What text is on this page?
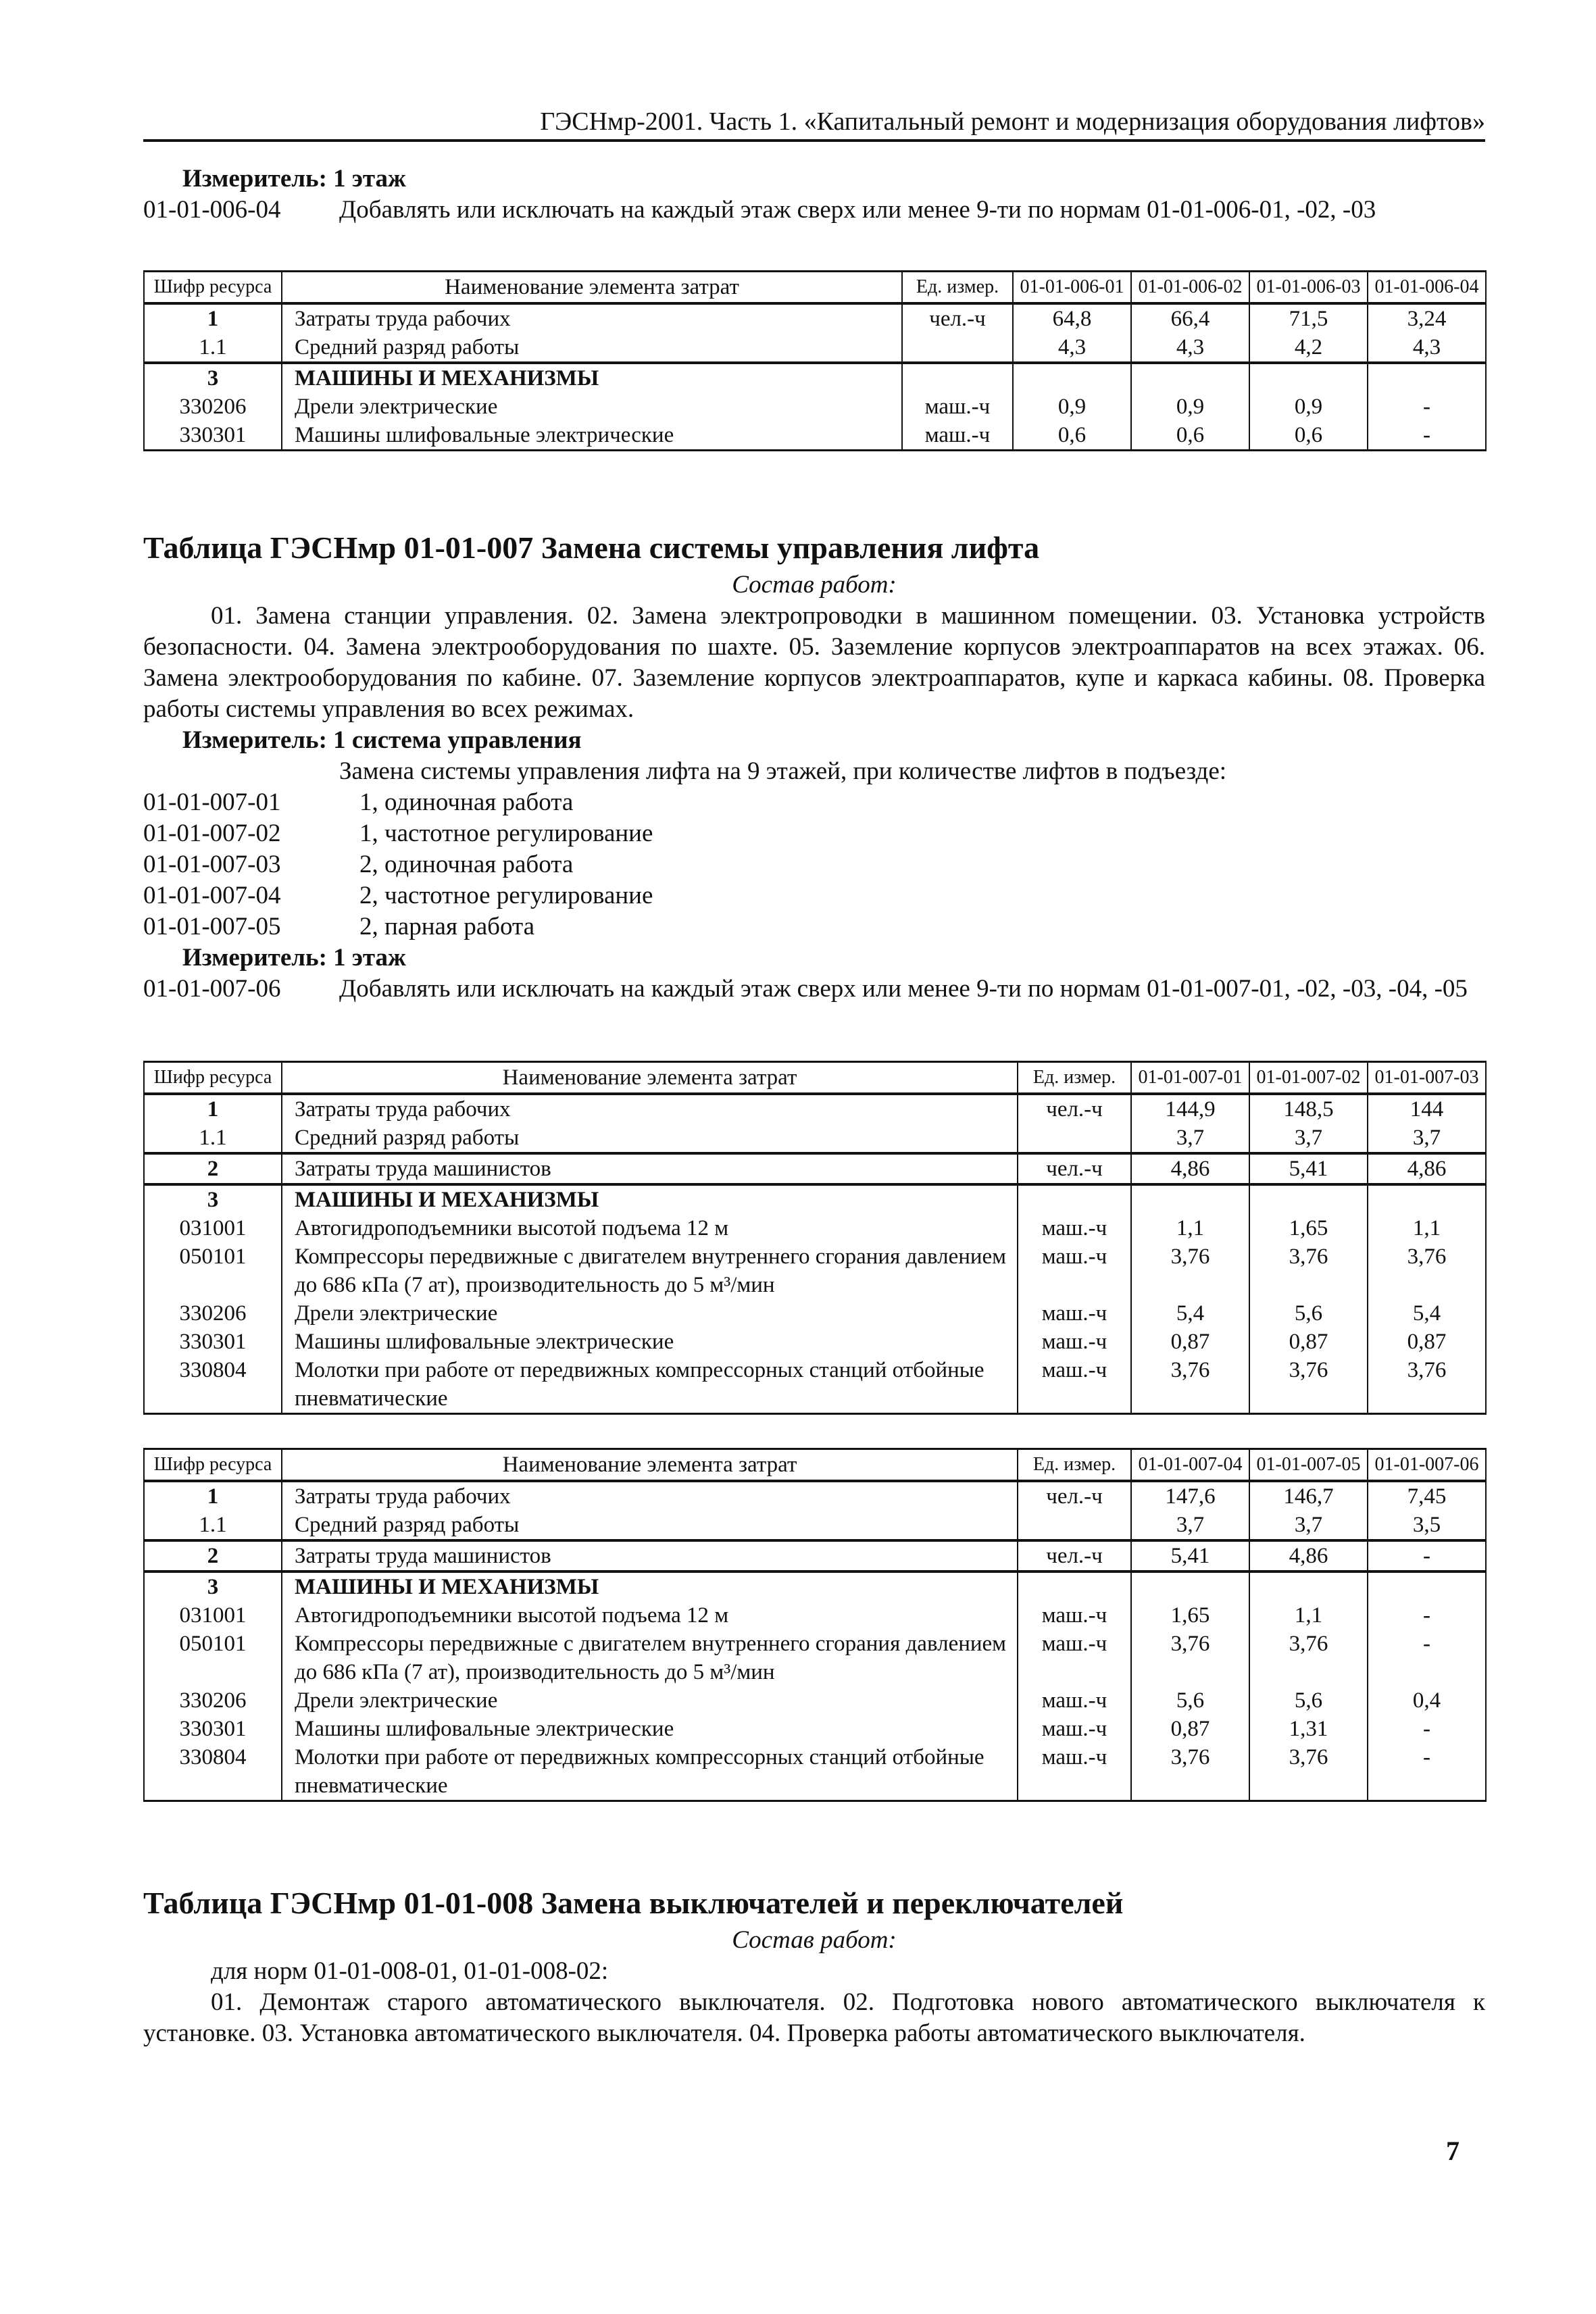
ГЭСНмр-2001. Часть 1. «Капитальный ремонт и модернизация оборудования лифтов»
Измеритель: 1 этаж
01-01-006-04	Добавлять или исключать на каждый этаж сверх или менее 9-ти по нормам 01-01-006-01, -02, -03
Шифр ресурса	Наименование элемента затрат	Ед. измер.	01-01-006-01	01-01-006-02	01-01-006-03	01-01-006-04
1	Затраты труда рабочих	чел.-ч	64,8	66,4	71,5	3,24
1.1	Средний разряд работы		4,3	4,3	4,2	4,3
3	МАШИНЫ И МЕХАНИЗМЫ					
330206	Дрели электрические	маш.-ч	0,9	0,9	0,9	-
330301	Машины шлифовальные электрические	маш.-ч	0,6	0,6	0,6	-
Таблица ГЭСНмр 01-01-007 Замена системы управления лифта
Состав работ:
01. Замена станции управления. 02. Замена электропроводки в машинном помещении. 03. Установка устройств безопасности. 04. Замена электрооборудования по шахте. 05. Заземление корпусов электроаппаратов на всех этажах. 06. Замена электрооборудования по кабине. 07. Заземление корпусов электроаппаратов, купе и каркаса кабины. 08. Проверка работы системы управления во всех режимах.
Измеритель: 1 система управления
Замена системы управления лифта на 9 этажей, при количестве лифтов в подъезде:
01-01-007-01	1, одиночная работа
01-01-007-02	1, частотное регулирование
01-01-007-03	2, одиночная работа
01-01-007-04	2, частотное регулирование
01-01-007-05	2, парная работа
Измеритель: 1 этаж
01-01-007-06	Добавлять или исключать на каждый этаж сверх или менее 9-ти по нормам 01-01-007-01, -02, -03, -04, -05
Шифр ресурса	Наименование элемента затрат	Ед. измер.	01-01-007-01	01-01-007-02	01-01-007-03
1	Затраты труда рабочих	чел.-ч	144,9	148,5	144
1.1	Средний разряд работы		3,7	3,7	3,7
2	Затраты труда машинистов	чел.-ч	4,86	5,41	4,86
3	МАШИНЫ И МЕХАНИЗМЫ				
031001	Автогидроподъемники высотой подъема 12 м	маш.-ч	1,1	1,65	1,1
050101	Компрессоры передвижные с двигателем внутреннего сгорания давлением до 686 кПа (7 ат), производительность до 5 м³/мин	маш.-ч	3,76	3,76	3,76
330206	Дрели электрические	маш.-ч	5,4	5,6	5,4
330301	Машины шлифовальные электрические	маш.-ч	0,87	0,87	0,87
330804	Молотки при работе от передвижных компрессорных станций отбойные пневматические	маш.-ч	3,76	3,76	3,76
Шифр ресурса	Наименование элемента затрат	Ед. измер.	01-01-007-04	01-01-007-05	01-01-007-06
1	Затраты труда рабочих	чел.-ч	147,6	146,7	7,45
1.1	Средний разряд работы		3,7	3,7	3,5
2	Затраты труда машинистов	чел.-ч	5,41	4,86	-
3	МАШИНЫ И МЕХАНИЗМЫ				
031001	Автогидроподъемники высотой подъема 12 м	маш.-ч	1,65	1,1	-
050101	Компрессоры передвижные с двигателем внутреннего сгорания давлением до 686 кПа (7 ат), производительность до 5 м³/мин	маш.-ч	3,76	3,76	-
330206	Дрели электрические	маш.-ч	5,6	5,6	0,4
330301	Машины шлифовальные электрические	маш.-ч	0,87	1,31	-
330804	Молотки при работе от передвижных компрессорных станций отбойные пневматические	маш.-ч	3,76	3,76	-
Таблица ГЭСНмр 01-01-008 Замена выключателей и переключателей
Состав работ:
для норм 01-01-008-01, 01-01-008-02:
01. Демонтаж старого автоматического выключателя. 02. Подготовка нового автоматического выключателя к установке. 03. Установка автоматического выключателя. 04. Проверка работы автоматического выключателя.
7
